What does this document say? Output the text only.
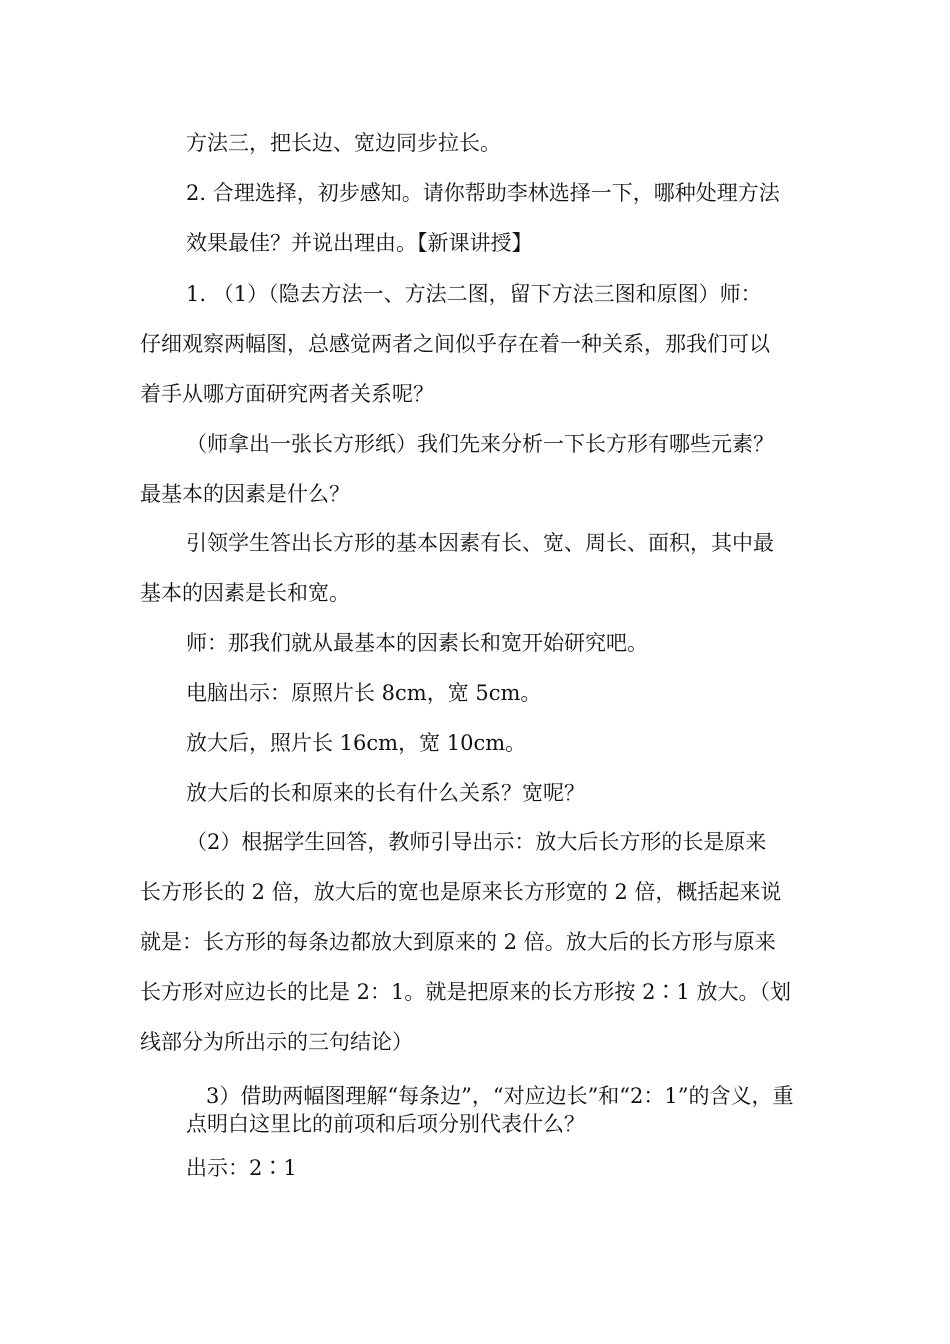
方法三，把长边、宽边同步拉长。
2. 合理选择，初步感知。请你帮助李林选择一下，哪种处理方法
效果最佳？并说出理由。【新课讲授】
1. （1）（隐去方法一、方法二图，留下方法三图和原图）师：
仔细观察两幅图，总感觉两者之间似乎存在着一种关系，那我们可以
着手从哪方面研究两者关系呢？
（师拿出一张长方形纸）我们先来分析一下长方形有哪些元素？
最基本的因素是什么？
引领学生答出长方形的基本因素有长、宽、周长、面积，其中最
基本的因素是长和宽。
师：那我们就从最基本的因素长和宽开始研究吧。
电脑出示：原照片长 8cm，宽 5cm。
放大后，照片长 16cm，宽 10cm。
放大后的长和原来的长有什么关系？宽呢？
（2）根据学生回答，教师引导出示：放大后长方形的长是原来
长方形长的 2 倍，放大后的宽也是原来长方形宽的 2 倍，概括起来说
就是：长方形的每条边都放大到原来的 2 倍。放大后的长方形与原来
长方形对应边长的比是 2：1。就是把原来的长方形按 2∶1 放大。（划
线部分为所出示的三句结论）
3）借助两幅图理解“每条边”，“对应边长”和“2：1”的含义，重
点明白这里比的前项和后项分别代表什么？
出示：2∶1
